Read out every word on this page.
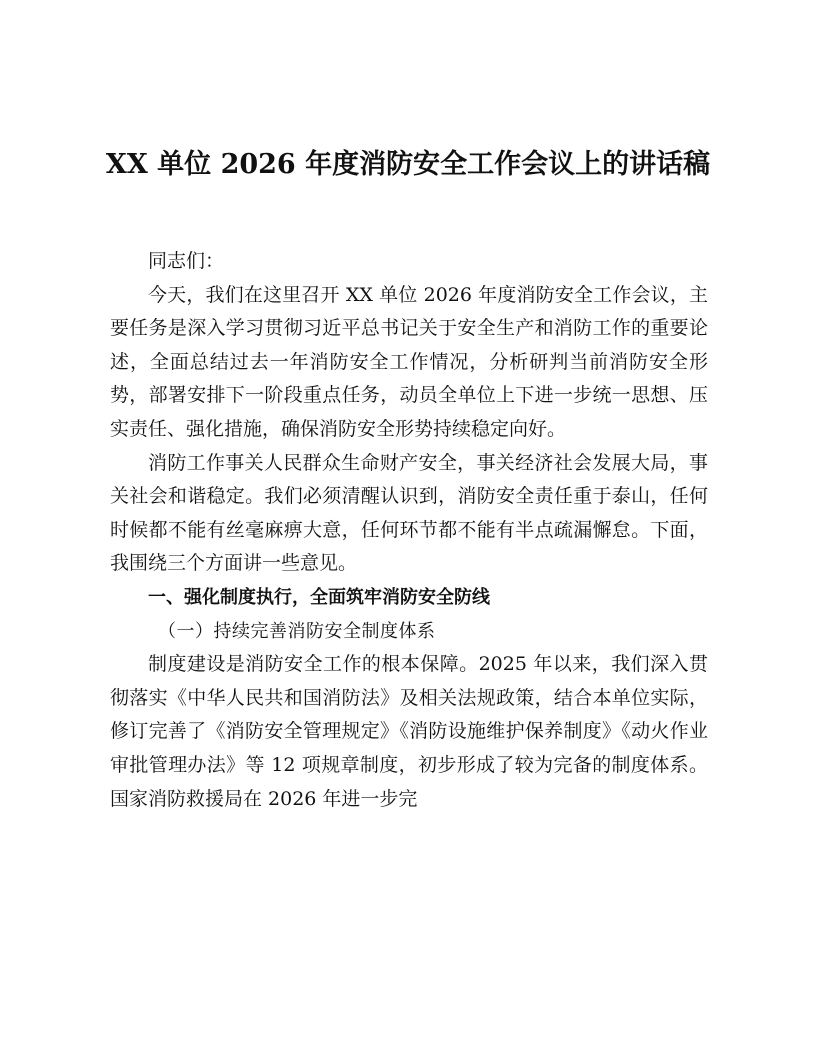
XX 单位 2026 年度消防安全工作会议上的讲话稿

同志们：

今天，我们在这里召开 XX 单位 2026 年度消防安全工作会议，主要任务是深入学习贯彻习近平总书记关于安全生产和消防工作的重要论述，全面总结过去一年消防安全工作情况，分析研判当前消防安全形势，部署安排下一阶段重点任务，动员全单位上下进一步统一思想、压实责任、强化措施，确保消防安全形势持续稳定向好。

消防工作事关人民群众生命财产安全，事关经济社会发展大局，事关社会和谐稳定。我们必须清醒认识到，消防安全责任重于泰山，任何时候都不能有丝毫麻痹大意，任何环节都不能有半点疏漏懈怠。下面，我围绕三个方面讲一些意见。

一、强化制度执行，全面筑牢消防安全防线

（一）持续完善消防安全制度体系

制度建设是消防安全工作的根本保障。2025 年以来，我们深入贯彻落实《中华人民共和国消防法》及相关法规政策，结合本单位实际，修订完善了《消防安全管理规定》《消防设施维护保养制度》《动火作业审批管理办法》等 12 项规章制度，初步形成了较为完备的制度体系。国家消防救援局在 2026 年进一步完
